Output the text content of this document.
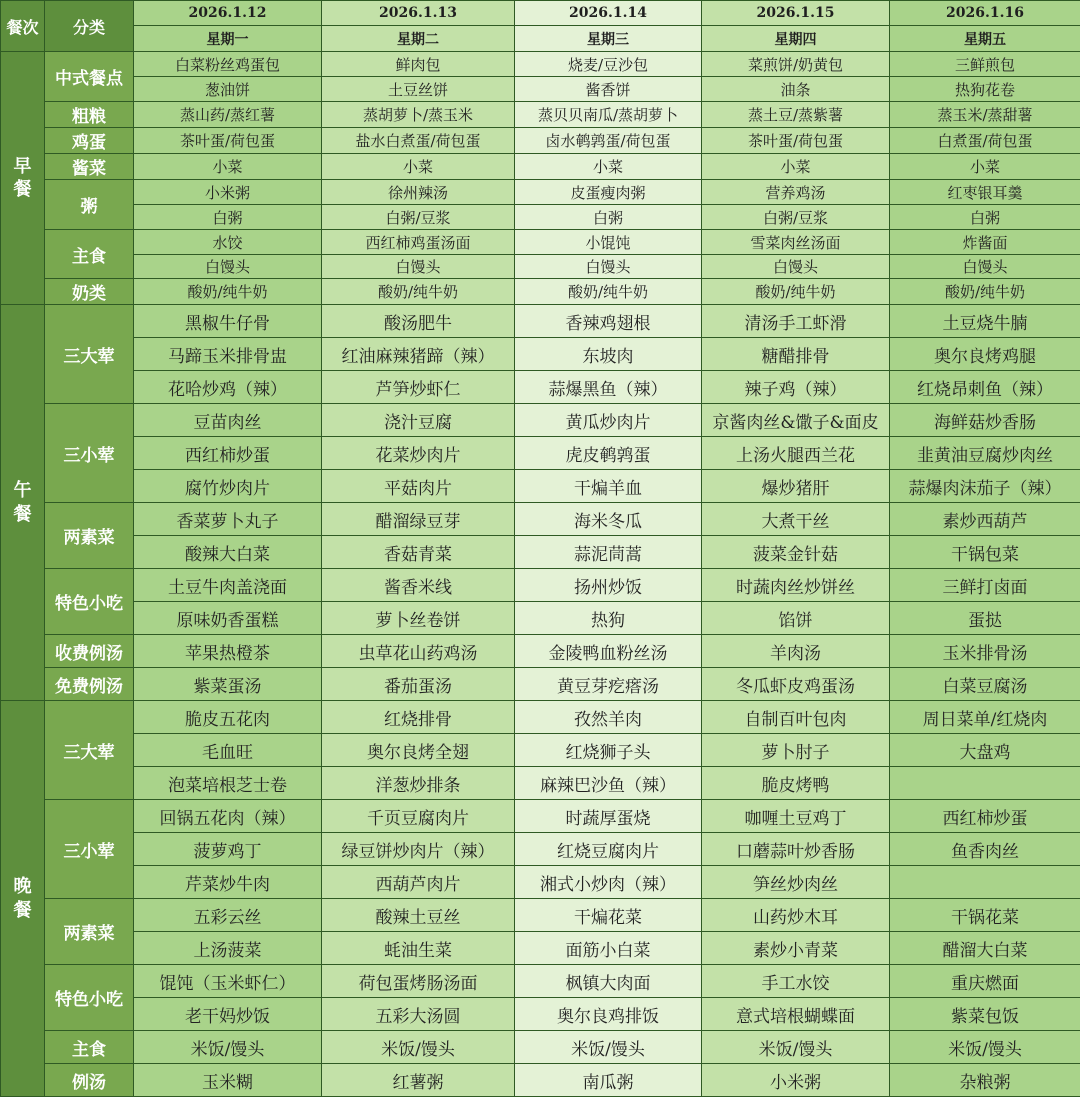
餐次	分类	2026.1.12	2026.1.13	2026.1.14	2026.1.15	2026.1.16
		星期一	星期二	星期三	星期四	星期五
早
餐	中式餐点	白菜粉丝鸡蛋包	鲜肉包	烧麦/豆沙包	菜煎饼/奶黄包	三鲜煎包
		葱油饼	土豆丝饼	酱香饼	油条	热狗花卷
	粗粮	蒸山药/蒸红薯	蒸胡萝卜/蒸玉米	蒸贝贝南瓜/蒸胡萝卜	蒸土豆/蒸紫薯	蒸玉米/蒸甜薯
	鸡蛋	茶叶蛋/荷包蛋	盐水白煮蛋/荷包蛋	卤水鹌鹑蛋/荷包蛋	茶叶蛋/荷包蛋	白煮蛋/荷包蛋
	酱菜	小菜	小菜	小菜	小菜	小菜
	粥	小米粥	徐州辣汤	皮蛋瘦肉粥	营养鸡汤	红枣银耳羹
		白粥	白粥/豆浆	白粥	白粥/豆浆	白粥
	主食	水饺	西红柿鸡蛋汤面	小馄饨	雪菜肉丝汤面	炸酱面
		白馒头	白馒头	白馒头	白馒头	白馒头
	奶类	酸奶/纯牛奶	酸奶/纯牛奶	酸奶/纯牛奶	酸奶/纯牛奶	酸奶/纯牛奶
午
餐	三大荤	黑椒牛仔骨	酸汤肥牛	香辣鸡翅根	清汤手工虾滑	土豆烧牛腩
		马蹄玉米排骨盅	红油麻辣猪蹄（辣）	东坡肉	糖醋排骨	奥尔良烤鸡腿
		花哈炒鸡（辣）	芦笋炒虾仁	蒜爆黑鱼（辣）	辣子鸡（辣）	红烧昂刺鱼（辣）
	三小荤	豆苗肉丝	浇汁豆腐	黄瓜炒肉片	京酱肉丝&馓子&面皮	海鲜菇炒香肠
		西红柿炒蛋	花菜炒肉片	虎皮鹌鹑蛋	上汤火腿西兰花	韭黄油豆腐炒肉丝
		腐竹炒肉片	平菇肉片	干煸羊血	爆炒猪肝	蒜爆肉沫茄子（辣）
	两素菜	香菜萝卜丸子	醋溜绿豆芽	海米冬瓜	大煮干丝	素炒西葫芦
		酸辣大白菜	香菇青菜	蒜泥茼蒿	菠菜金针菇	干锅包菜
	特色小吃	土豆牛肉盖浇面	酱香米线	扬州炒饭	时蔬肉丝炒饼丝	三鲜打卤面
		原味奶香蛋糕	萝卜丝卷饼	热狗	馅饼	蛋挞
	收费例汤	苹果热橙茶	虫草花山药鸡汤	金陵鸭血粉丝汤	羊肉汤	玉米排骨汤
	免费例汤	紫菜蛋汤	番茄蛋汤	黄豆芽疙瘩汤	冬瓜虾皮鸡蛋汤	白菜豆腐汤
晚
餐	三大荤	脆皮五花肉	红烧排骨	孜然羊肉	自制百叶包肉	周日菜单/红烧肉
		毛血旺	奥尔良烤全翅	红烧狮子头	萝卜肘子	大盘鸡
		泡菜培根芝士卷	洋葱炒排条	麻辣巴沙鱼（辣）	脆皮烤鸭	
	三小荤	回锅五花肉（辣）	千页豆腐肉片	时蔬厚蛋烧	咖喱土豆鸡丁	西红柿炒蛋
		菠萝鸡丁	绿豆饼炒肉片（辣）	红烧豆腐肉片	口蘑蒜叶炒香肠	鱼香肉丝
		芹菜炒牛肉	西葫芦肉片	湘式小炒肉（辣）	笋丝炒肉丝	
	两素菜	五彩云丝	酸辣土豆丝	干煸花菜	山药炒木耳	干锅花菜
		上汤菠菜	蚝油生菜	面筋小白菜	素炒小青菜	醋溜大白菜
	特色小吃	馄饨（玉米虾仁）	荷包蛋烤肠汤面	枫镇大肉面	手工水饺	重庆燃面
		老干妈炒饭	五彩大汤圆	奥尔良鸡排饭	意式培根蝴蝶面	紫菜包饭
	主食	米饭/馒头	米饭/馒头	米饭/馒头	米饭/馒头	米饭/馒头
	例汤	玉米糊	红薯粥	南瓜粥	小米粥	杂粮粥
